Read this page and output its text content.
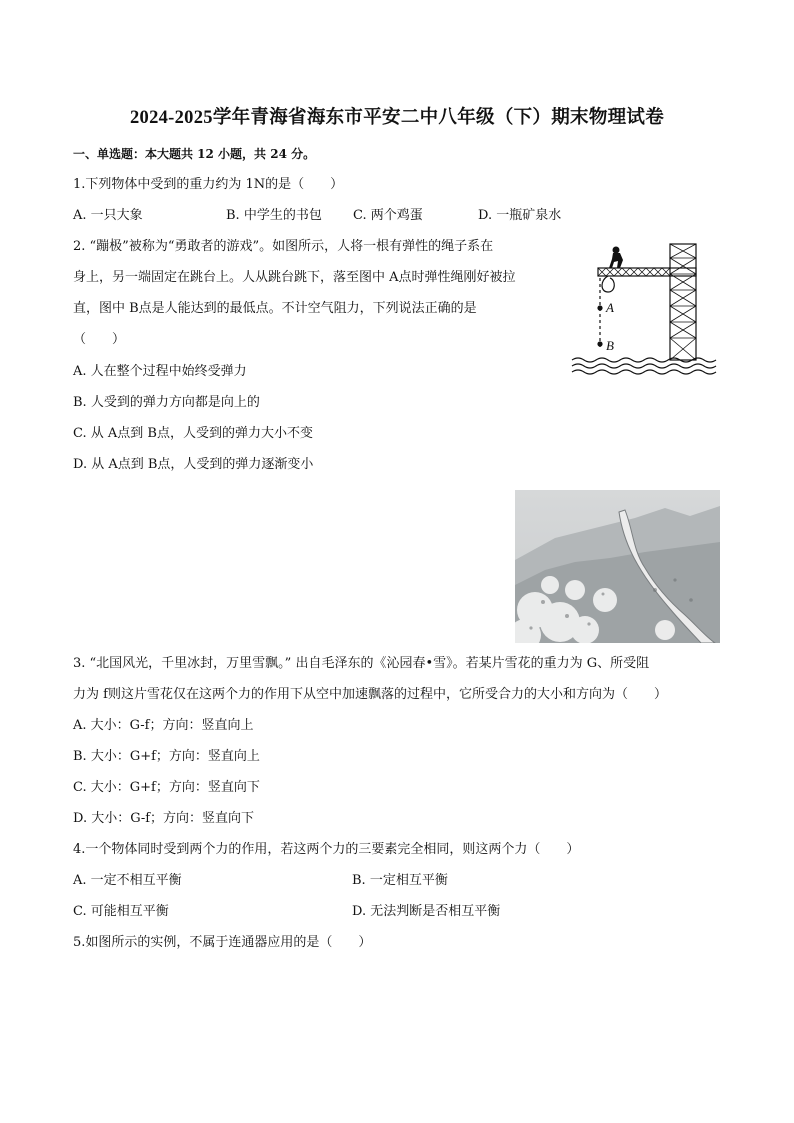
2024-2025学年青海省海东市平安二中八年级（下）期末物理试卷
一、单选题：本大题共 12 小题，共 24 分。
1.下列物体中受到的重力约为 1N的是（　　）
A. 一只大象	B. 中学生的书包 C. 两个鸡蛋	D. 一瓶矿泉水
2. “蹦极”被称为“勇敢者的游戏”。如图所示，人将一根有弹性的绳子系在
身上，另一端固定在跳台上。人从跳台跳下，落至图中 A点时弹性绳刚好被拉
直，图中 B点是人能达到的最低点。不计空气阻力，下列说法正确的是
（　　）
A. 人在整个过程中始终受弹力
B. 人受到的弹力方向都是向上的
C. 从 A点到 B点，人受到的弹力大小不变
D. 从 A点到 B点，人受到的弹力逐渐变小
A
B
3. “北国风光，千里冰封，万里雪飘。” 出自毛泽东的《沁园春•雪》。若某片雪花的重力为 G、所受阻
力为 f则这片雪花仅在这两个力的作用下从空中加速飘落的过程中，它所受合力的大小和方向为（　　）
A. 大小：G-f；方向：竖直向上
B. 大小：G+f；方向：竖直向上
C. 大小：G+f；方向：竖直向下
D. 大小：G-f；方向：竖直向下
4.一个物体同时受到两个力的作用，若这两个力的三要素完全相同，则这两个力（　　）
A. 一定不相互平衡	B. 一定相互平衡
C. 可能相互平衡	D. 无法判断是否相互平衡
5.如图所示的实例，不属于连通器应用的是（　　）
